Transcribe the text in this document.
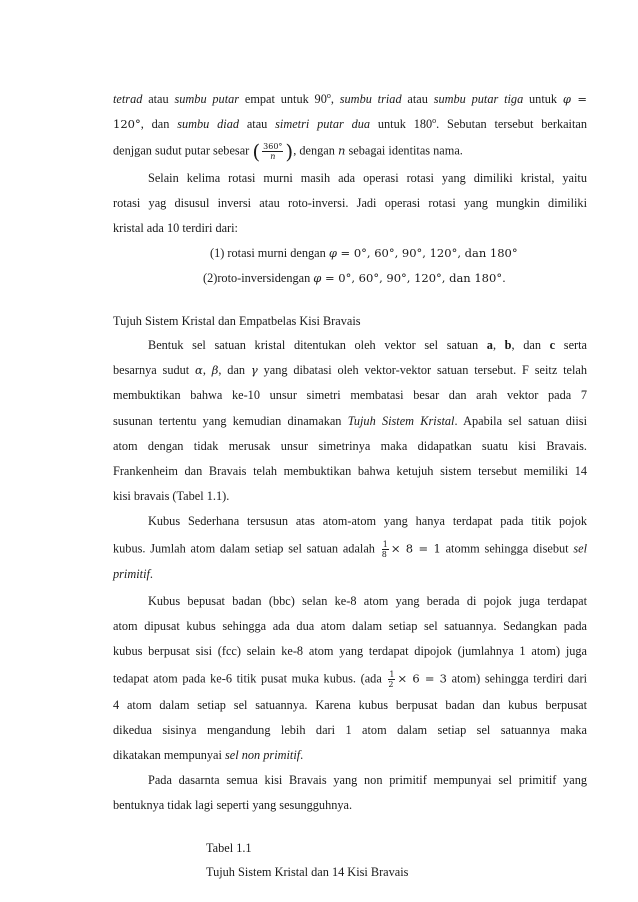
tetrad atau sumbu putar empat untuk 90$^o$, sumbu triad atau sumbu putar tiga untuk φ =
120°, dan sumbu diad atau simetri putar dua untuk 180$^o$. Sebutan tersebut berkaitan
denjgan sudut putar sebesar ( $\frac{360^\circ}{n}$ ), dengan n sebagai identitas nama.
Selain kelima rotasi murni masih ada operasi rotasi yang dimiliki kristal, yaitu
rotasi yag disusul inversi atau roto-inversi. Jadi operasi rotasi yang mungkin dimiliki
kristal ada 10 terdiri dari:
(1) rotasi murni dengan φ = 0°, 60°, 90°, 120°, dan 180°
(2)roto-inversidengan φ = 0°, 60°, 90°, 120°, dan 180°.
Tujuh Sistem Kristal dan Empatbelas Kisi Bravais
Bentuk sel satuan kristal ditentukan oleh vektor sel satuan a, b, dan c serta
besarnya sudut α, β, dan γ yang dibatasi oleh vektor-vektor satuan tersebut. F seitz telah
membuktikan bahwa ke-10 unsur simetri membatasi besar dan arah vektor pada 7
susunan tertentu yang kemudian dinamakan Tujuh Sistem Kristal. Apabila sel satuan diisi
atom dengan tidak merusak unsur simetrinya maka didapatkan suatu kisi Bravais.
Frankenheim dan Bravais telah membuktikan bahwa ketujuh sistem tersebut memiliki 14
kisi bravais (Tabel 1.1).
Kubus Sederhana tersusun atas atom-atom yang hanya terdapat pada titik pojok
kubus. Jumlah atom dalam setiap sel satuan adalah $\frac{1}{8} \times 8 = 1$ atomm sehingga disebut sel
primitif.
Kubus bepusat badan (bbc) selan ke-8 atom yang berada di pojok juga terdapat
atom dipusat kubus sehingga ada dua atom dalam setiap sel satuannya. Sedangkan pada
kubus berpusat sisi (fcc) selain ke-8 atom yang terdapat dipojok (jumlahnya 1 atom) juga
tedapat atom pada ke-6 titik pusat muka kubus. ($ada \frac{1}{2} \times 6 = 3$ atom) sehingga terdiri dari
4 atom dalam setiap sel satuannya. Karena kubus berpusat badan dan kubus berpusat
dikedua sisinya mengandung lebih dari 1 atom dalam setiap sel satuannya maka
dikatakan mempunyai sel non primitif.
Pada dasarnta semua kisi Bravais yang non primitif mempunyai sel primitif yang
bentuknya tidak lagi seperti yang sesungguhnya.
Tabel 1.1
Tujuh Sistem Kristal dan 14 Kisi Bravais
